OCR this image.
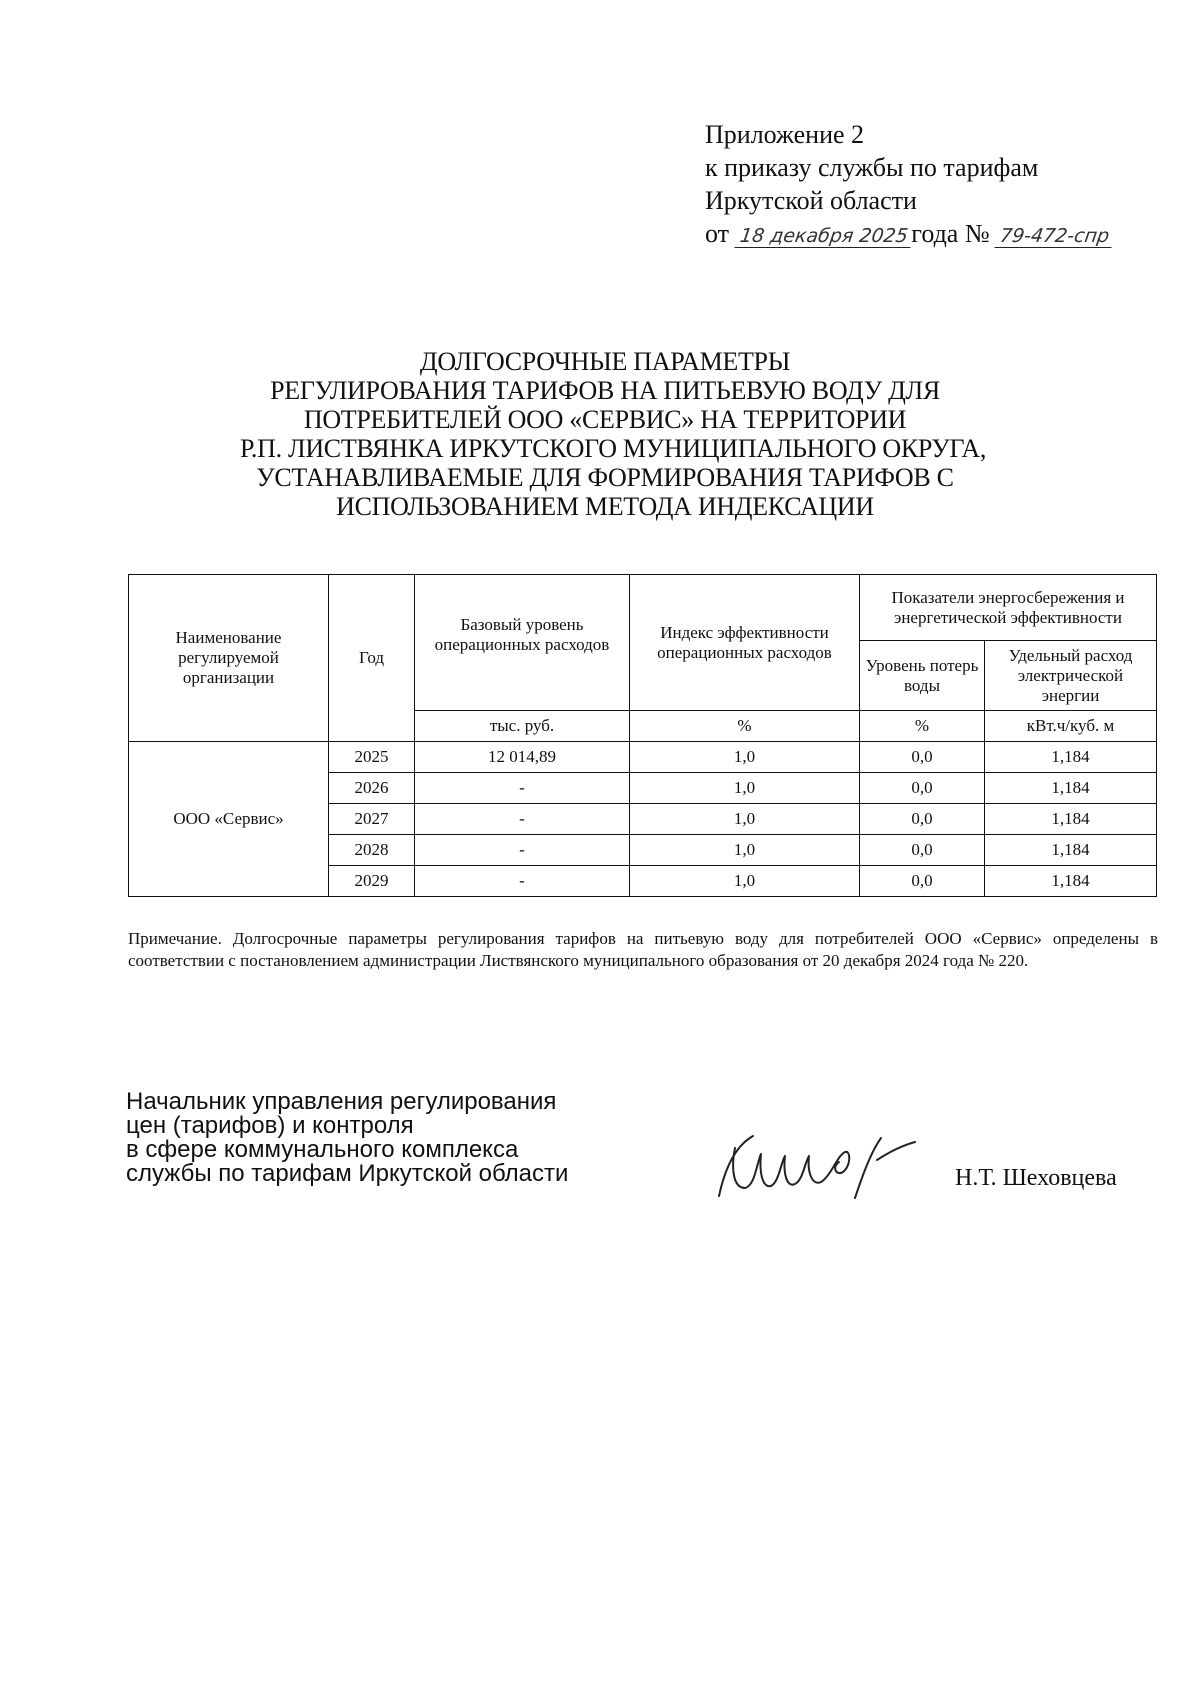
Приложение 2
к приказу службы по тарифам
Иркутской области
от 18 декабря 2025года № 79-472-спр
ДОЛГОСРОЧНЫЕ ПАРАМЕТРЫ
РЕГУЛИРОВАНИЯ ТАРИФОВ НА ПИТЬЕВУЮ ВОДУ ДЛЯ
ПОТРЕБИТЕЛЕЙ ООО «СЕРВИС» НА ТЕРРИТОРИИ
Р.П. ЛИСТВЯНКА ИРКУТСКОГО МУНИЦИПАЛЬНОГО ОКРУГА,
УСТАНАВЛИВАЕМЫЕ ДЛЯ ФОРМИРОВАНИЯ ТАРИФОВ С
ИСПОЛЬЗОВАНИЕМ МЕТОДА ИНДЕКСАЦИИ
Наименование регулируемой организации	Год	Базовый уровень операционных расходов	Индекс эффективности операционных расходов	Показатели энергосбережения и энергетической эффективности	
				Уровень потерь воды	Удельный расход электрической энергии
		тыс. руб.	%	%	кВт.ч/куб. м
ООО «Сервис»	2025	12 014,89	1,0	0,0	1,184
	2026	-	1,0	0,0	1,184
	2027	-	1,0	0,0	1,184
	2028	-	1,0	0,0	1,184
	2029	-	1,0	0,0	1,184
Примечание. Долгосрочные параметры регулирования тарифов на питьевую воду для потребителей ООО «Сервис» определены в соответствии с постановлением администрации Листвянского муниципального образования от 20 декабря 2024 года № 220.
Начальник управления регулирования
цен (тарифов) и контроля
в сфере коммунального комплекса
службы по тарифам Иркутской области	Н.Т. Шеховцева
